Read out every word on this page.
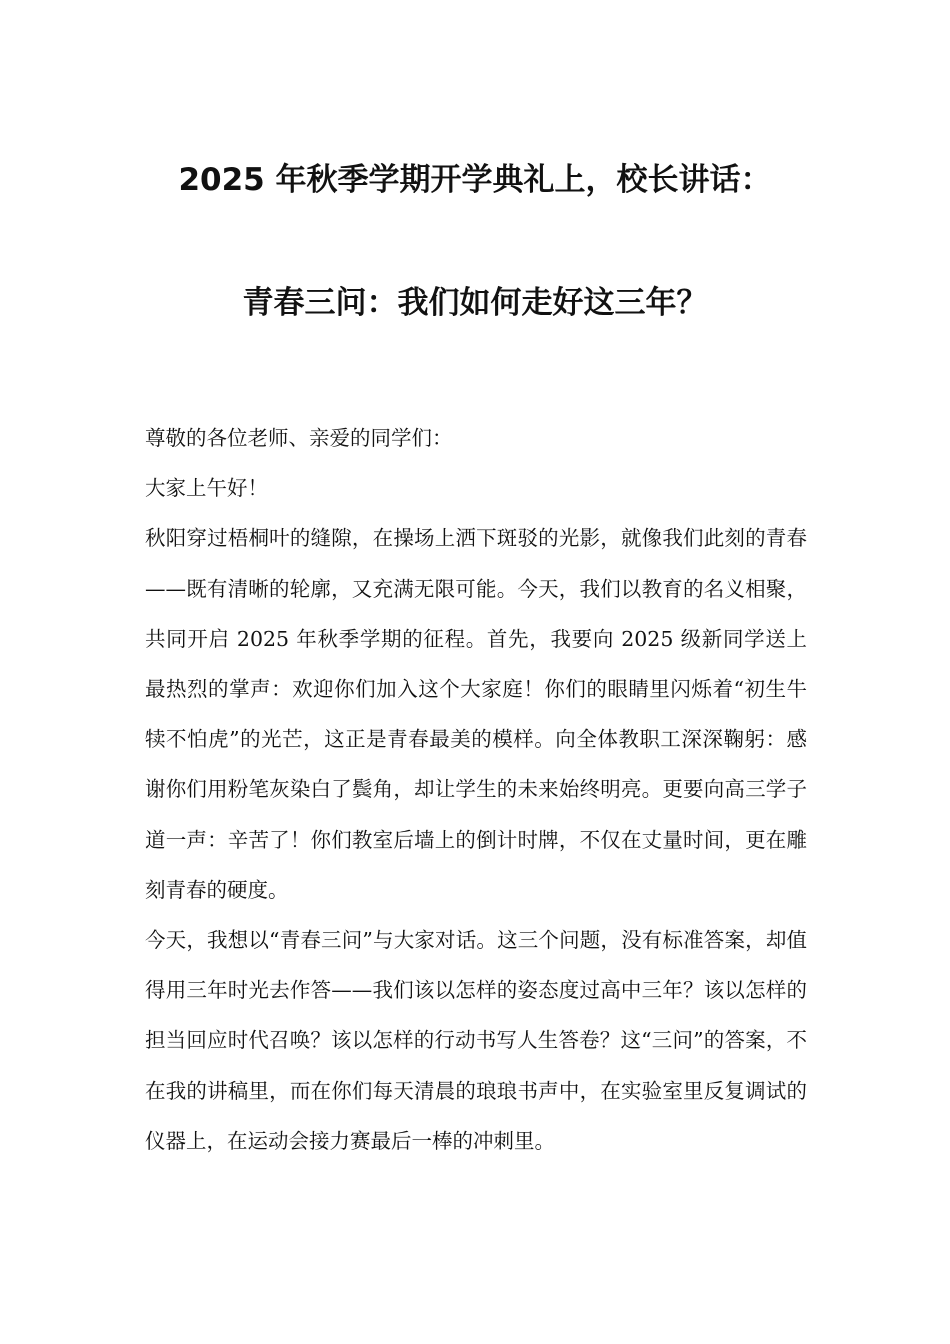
2025 年秋季学期开学典礼上，校长讲话：
青春三问：我们如何走好这三年？

尊敬的各位老师、亲爱的同学们：

大家上午好！

秋阳穿过梧桐叶的缝隙，在操场上洒下斑驳的光影，就像我们此刻的青春——既有清晰的轮廓，又充满无限可能。今天，我们以教育的名义相聚，共同开启 2025 年秋季学期的征程。首先，我要向 2025 级新同学送上最热烈的掌声：欢迎你们加入这个大家庭！你们的眼睛里闪烁着“初生牛犊不怕虎”的光芒，这正是青春最美的模样。向全体教职工深深鞠躬：感谢你们用粉笔灰染白了鬓角，却让学生的未来始终明亮。更要向高三学子道一声：辛苦了！你们教室后墙上的倒计时牌，不仅在丈量时间，更在雕刻青春的硬度。

今天，我想以“青春三问”与大家对话。这三个问题，没有标准答案，却值得用三年时光去作答——我们该以怎样的姿态度过高中三年？该以怎样的担当回应时代召唤？该以怎样的行动书写人生答卷？这“三问”的答案，不在我的讲稿里，而在你们每天清晨的琅琅书声中，在实验室里反复调试的仪器上，在运动会接力赛最后一棒的冲刺里。
